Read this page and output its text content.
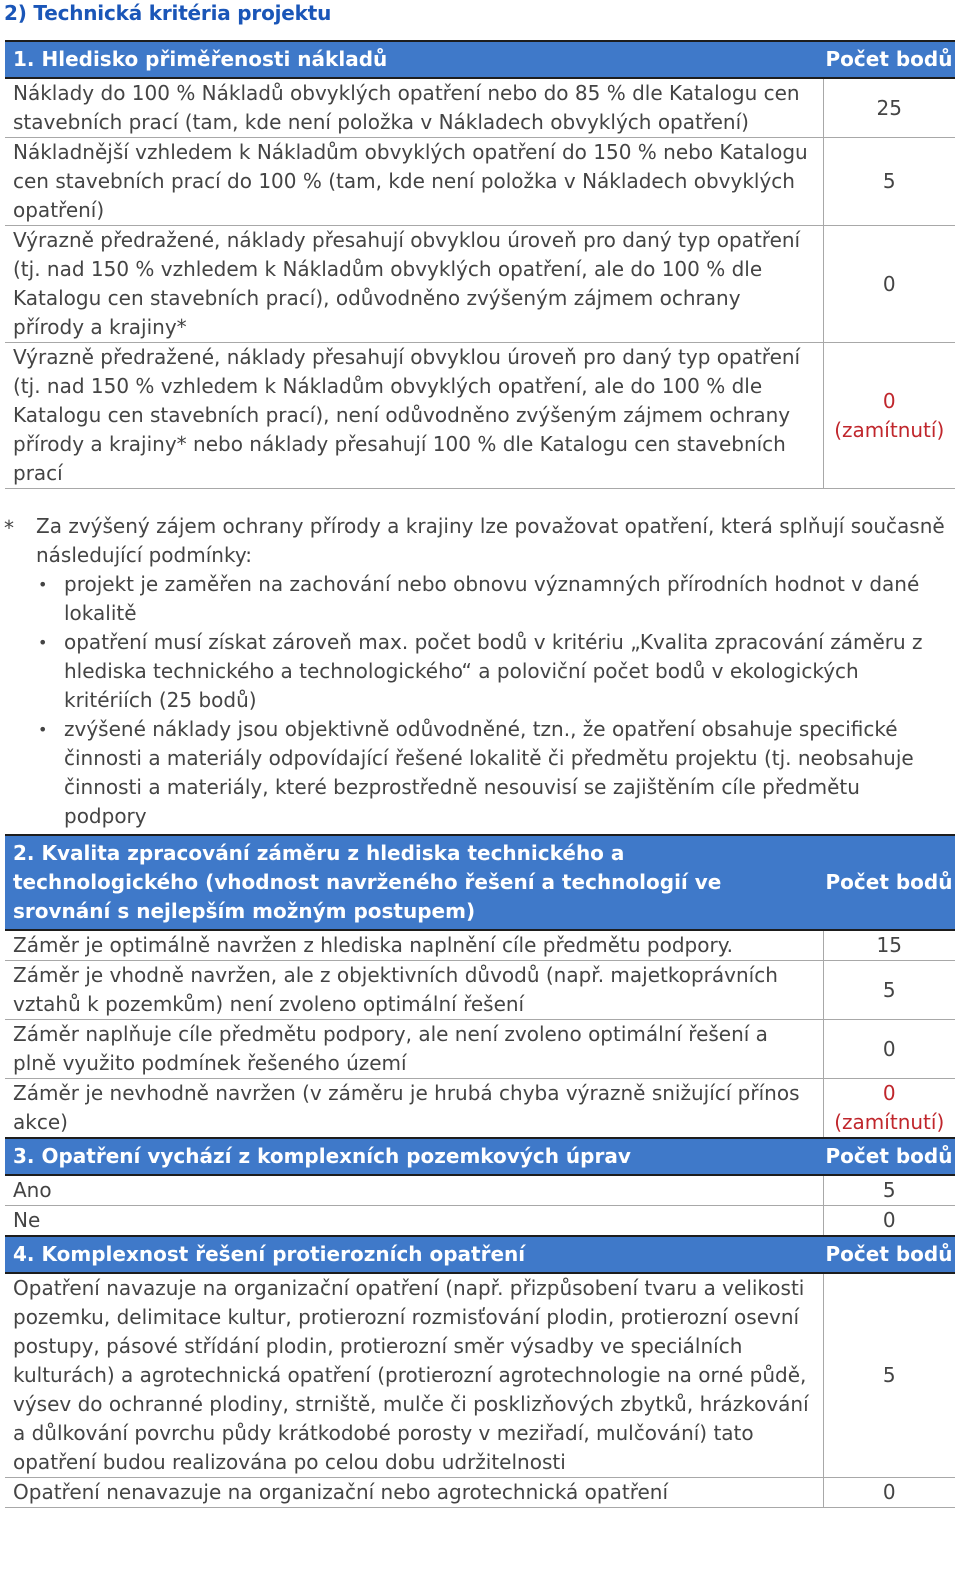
2) Technická kritéria projektu
1. Hledisko přiměřenosti nákladů	Počet bodů
Náklady do 100 % Nákladů obvyklých opatření nebo do 85 % dle Katalogu cen stavebních prací (tam, kde není položka v Nákladech obvyklých opatření)	25
Nákladnější vzhledem k Nákladům obvyklých opatření do 150 % nebo Katalogu cen stavebních prací do 100 % (tam, kde není položka v Nákladech obvyklých opatření)	5
Výrazně předražené, náklady přesahují obvyklou úroveň pro daný typ opatření (tj. nad 150 % vzhledem k Nákladům obvyklých opatření, ale do 100 % dle Katalogu cen stavebních prací), odůvodněno zvýšeným zájmem ochrany přírody a krajiny*	0
Výrazně předražené, náklady přesahují obvyklou úroveň pro daný typ opatření (tj. nad 150 % vzhledem k Nákladům obvyklých opatření, ale do 100 % dle Katalogu cen stavebních prací), není odůvodněno zvýšeným zájmem ochrany přírody a krajiny* nebo náklady přesahují 100 % dle Katalogu cen stavebních prací	0
(zamítnutí)
* Za zvýšený zájem ochrany přírody a krajiny lze považovat opatření, která splňují současně následující podmínky:
• projekt je zaměřen na zachování nebo obnovu významných přírodních hodnot v dané lokalitě
• opatření musí získat zároveň max. počet bodů v kritériu „Kvalita zpracování záměru z hlediska technického a technologického“ a poloviční počet bodů v ekologických kritériích (25 bodů)
• zvýšené náklady jsou objektivně odůvodněné, tzn., že opatření obsahuje specifické činnosti a materiály odpovídající řešené lokalitě či předmětu projektu (tj. neobsahuje činnosti a materiály, které bezprostředně nesouvisí se zajištěním cíle předmětu podpory
2. Kvalita zpracování záměru z hlediska technického a technologického (vhodnost navrženého řešení a technologií ve srovnání s nejlepším možným postupem)	Počet bodů
Záměr je optimálně navržen z hlediska naplnění cíle předmětu podpory.	15
Záměr je vhodně navržen, ale z objektivních důvodů (např. majetkoprávních vztahů k pozemkům) není zvoleno optimální řešení	5
Záměr naplňuje cíle předmětu podpory, ale není zvoleno optimální řešení a plně využito podmínek řešeného území	0
Záměr je nevhodně navržen (v záměru je hrubá chyba výrazně snižující přínos akce)	0
(zamítnutí)

3. Opatření vychází z komplexních pozemkových úprav	Počet bodů
Ano	5
Ne	0
4. Komplexnost řešení protierozních opatření	Počet bodů
Opatření navazuje na organizační opatření (např. přizpůsobení tvaru a velikosti pozemku, delimitace kultur, protierozní rozmisťování plodin, protierozní osevní postupy, pásové střídání plodin, protierozní směr výsadby ve speciálních kulturách) a agrotechnická opatření (protierozní agrotechnologie na orné půdě, výsev do ochranné plodiny, strniště, mulče či posklizňových zbytků, hrázkování a důlkování povrchu půdy krátkodobé porosty v meziřadí, mulčování) tato opatření budou realizována po celou dobu udržitelnosti	5
Opatření nenavazuje na organizační nebo agrotechnická opatření	0
